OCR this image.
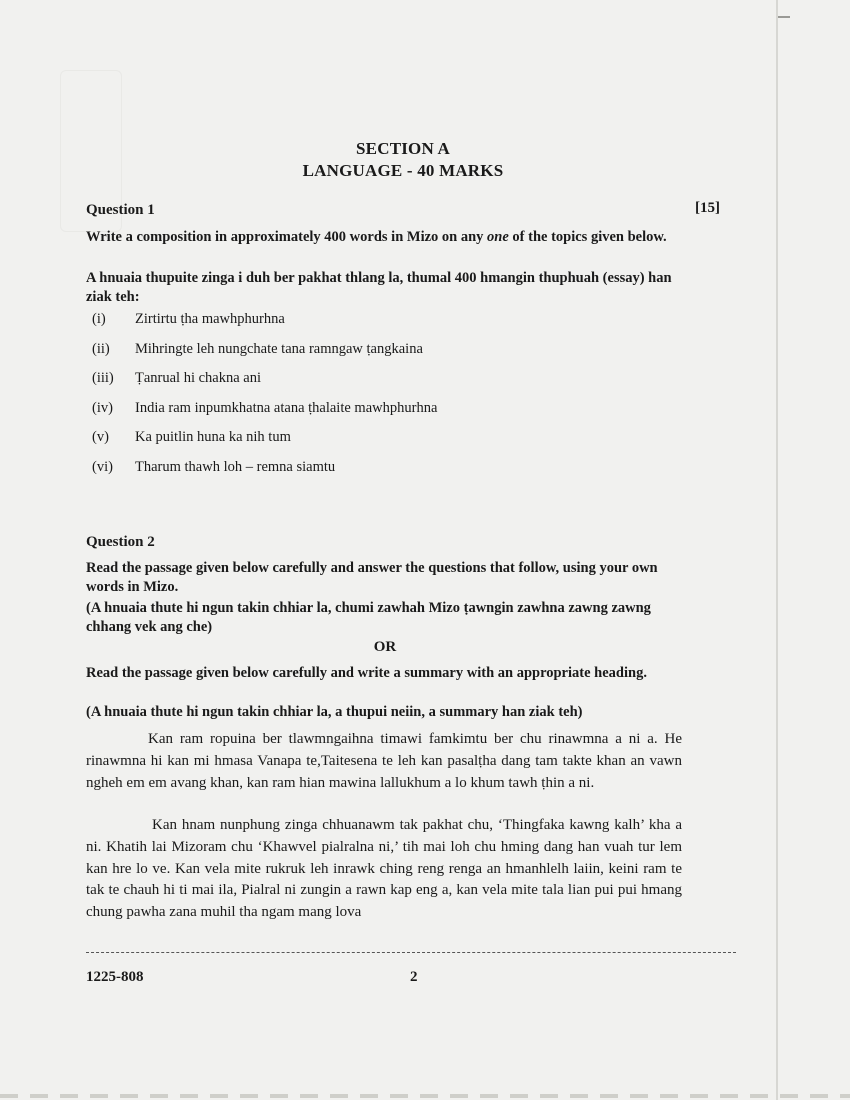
SECTION A
LANGUAGE - 40 MARKS
Question 1	[15]
Write a composition in approximately 400 words in Mizo on any one of the topics given below.
A hnuaia thupuite zinga i duh ber pakhat thlang la, thumal 400 hmangin thuphuah (essay) han ziak teh:
(i)	Zirtirtu ṭha mawhphurhna
(ii)	Mihringte leh nungchate tana ramngaw ṭangkaina
(iii)	Ṭanrual hi chakna ani
(iv)	India ram inpumkhatna atana ṭhalaite mawhphurhna
(v)	Ka puitlin huna ka nih tum
(vi)	Tharum thawh loh – remna siamtu
Question 2
Read the passage given below carefully and answer the questions that follow, using your own words in Mizo.
(A hnuaia thute hi ngun takin chhiar la, chumi zawhah Mizo ṭawngin zawhna zawng zawng chhang vek ang che)
OR
Read the passage given below carefully and write a summary with an appropriate heading.
(A hnuaia thute hi ngun takin chhiar la, a thupui neiin, a summary han ziak teh)

Kan ram ropuina ber tlawmngaihna timawi famkimtu ber chu rinawmna a ni a. He rinawmna hi kan mi hmasa Vanapa te,Taitesena te leh kan pasalṭha dang tam takte khan an vawn ngheh em em avang khan, kan ram hian mawina lallukhum a lo khum tawh ṭhin a ni.

Kan hnam nunphung zinga chhuanawm tak pakhat chu, ‘Thingfaka kawng kalh’ kha a ni. Khatih lai Mizoram chu ‘Khawvel pialralna ni,’ tih mai loh chu hming dang han vuah tur lem kan hre lo ve. Kan vela mite rukruk leh inrawk ching reng renga an hmanhlelh laiin, keini ram te tak te chauh hi ti mai ila, Pialral ni zungin a rawn kap eng a, kan vela mite tala lian pui pui hmang chung pawha zana muhil tha ngam mang lova

1225-808	2
